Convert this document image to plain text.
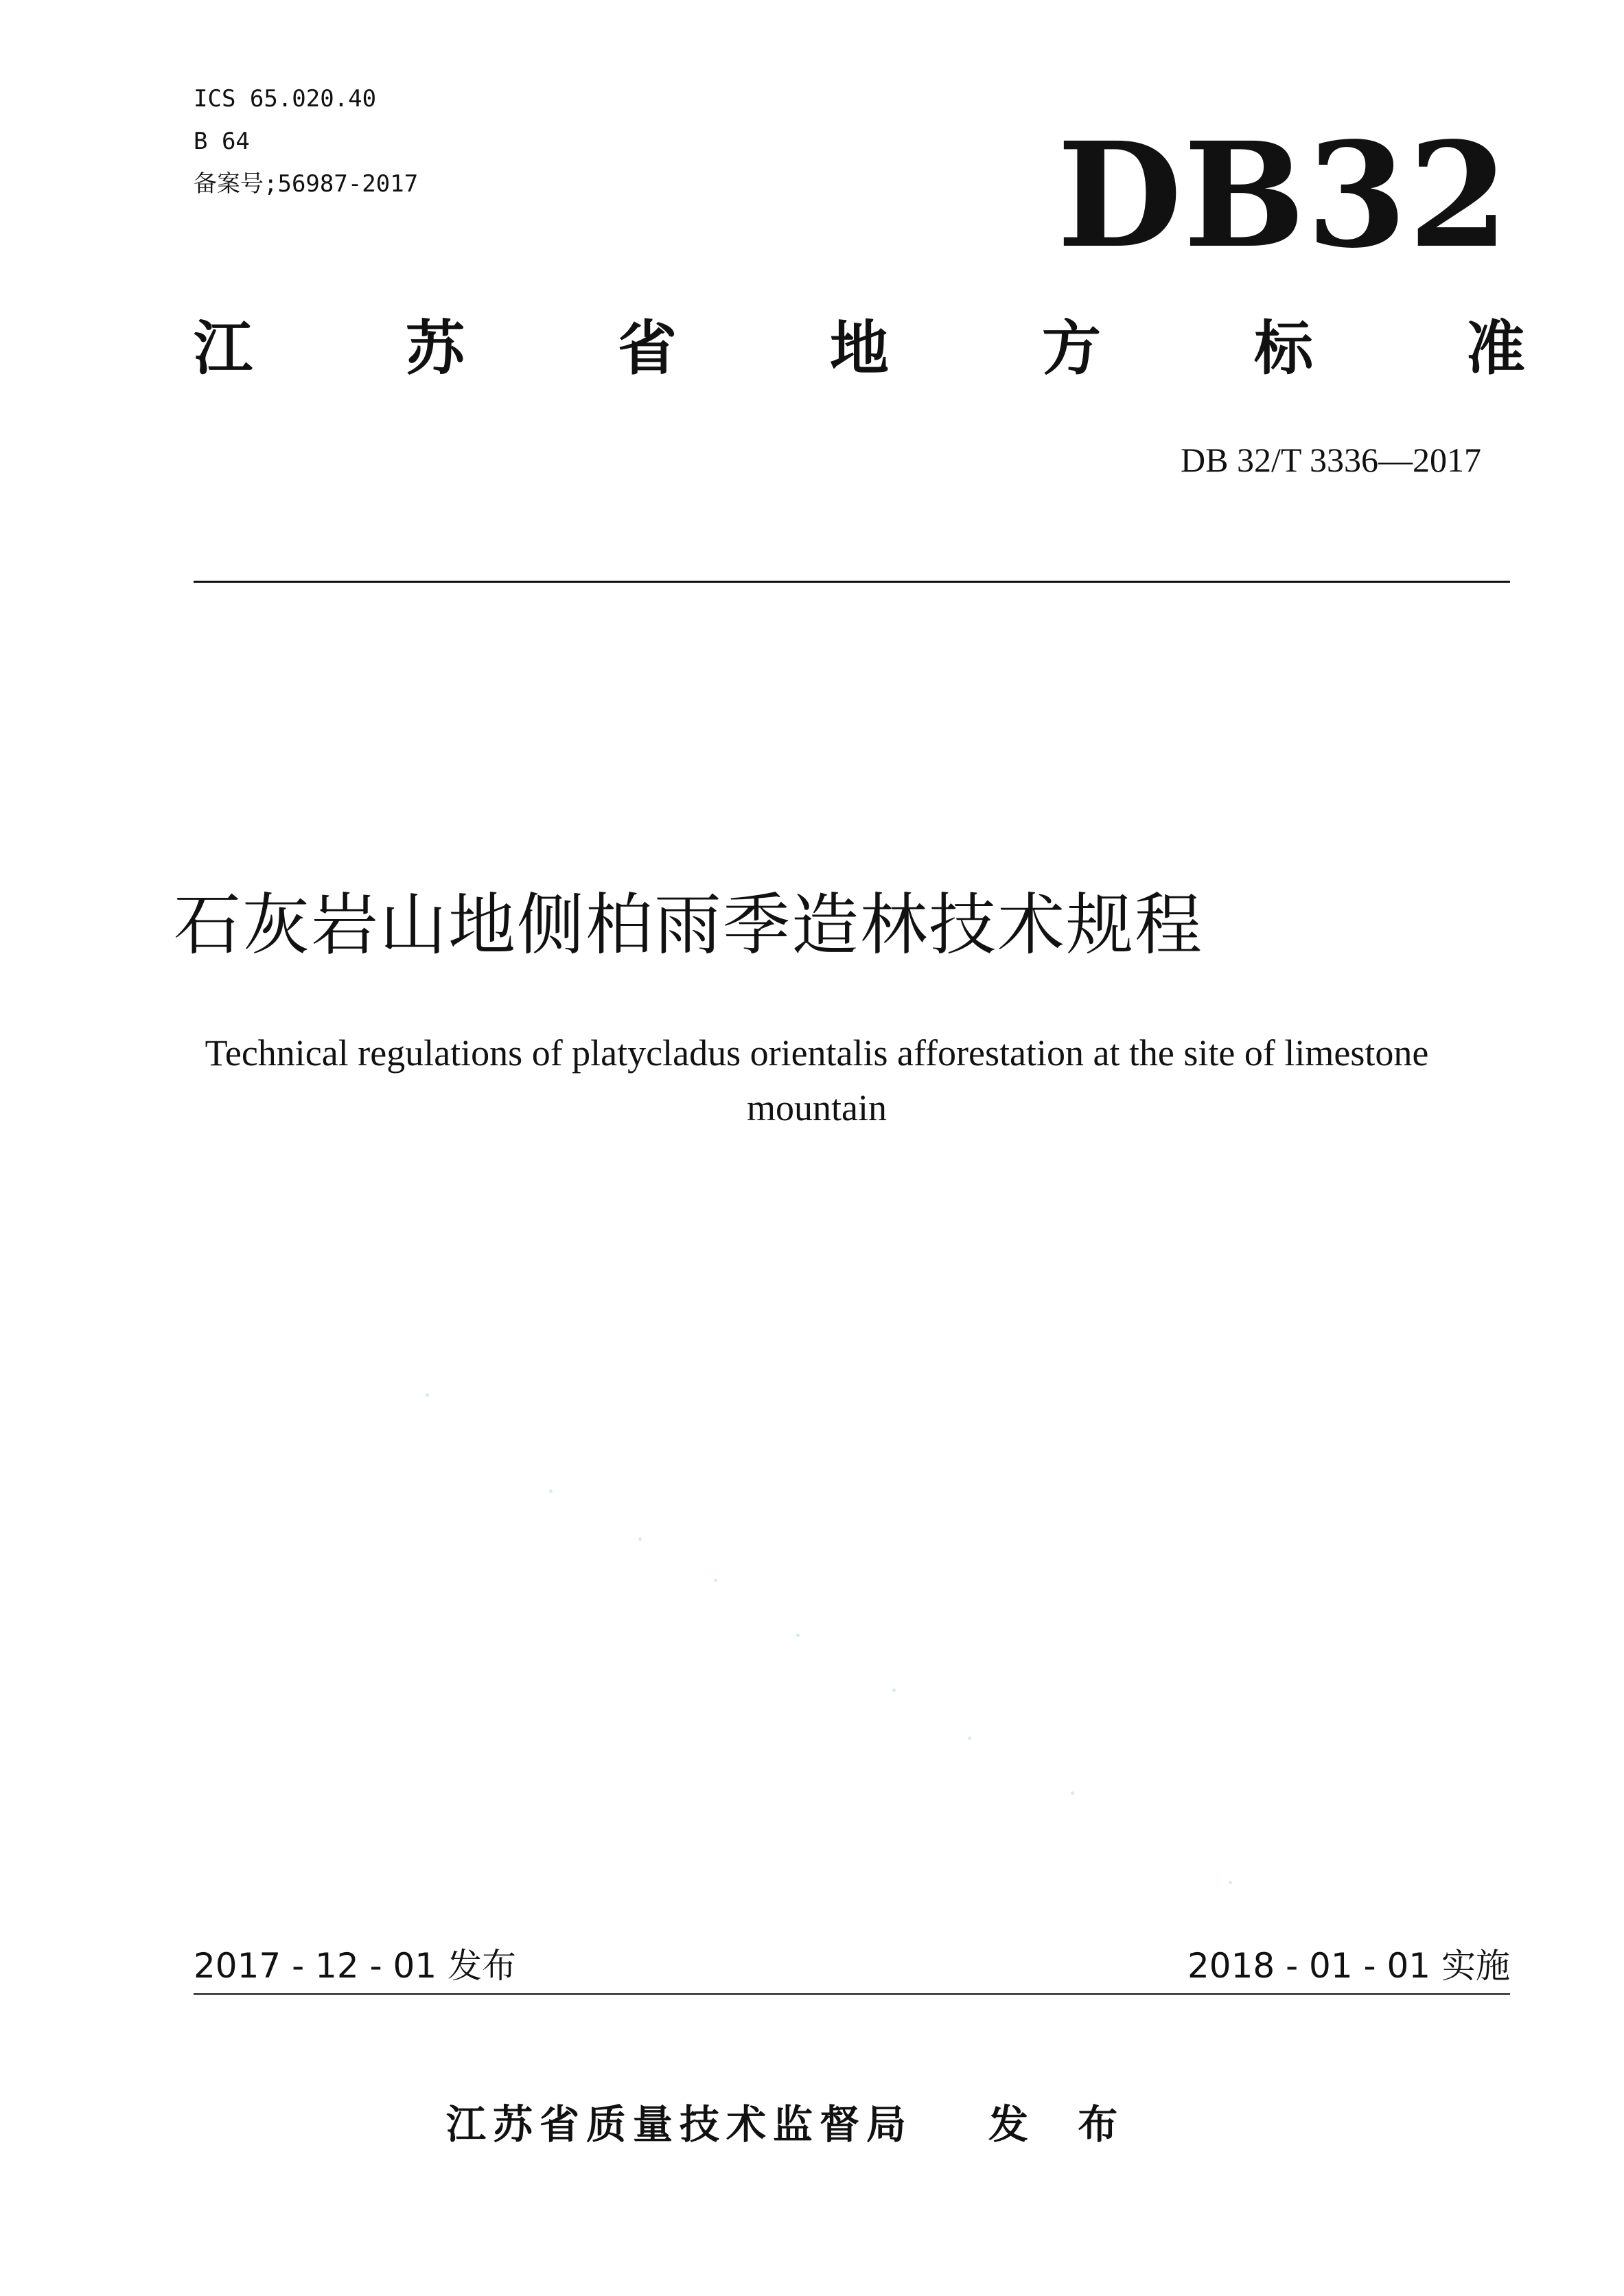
ICS 65.020.40
B 64
备案号;56987-2017	DB32
江	苏	省	地	方	标	准
DB 32/T 3336—2017
石灰岩山地侧柏雨季造林技术规程
Technical regulations of platycladus orientalis afforestation at the site of limestone mountain
2017 - 12 - 01 发布	2018 - 01 - 01 实施
江苏省质量技术监督局 发 布
